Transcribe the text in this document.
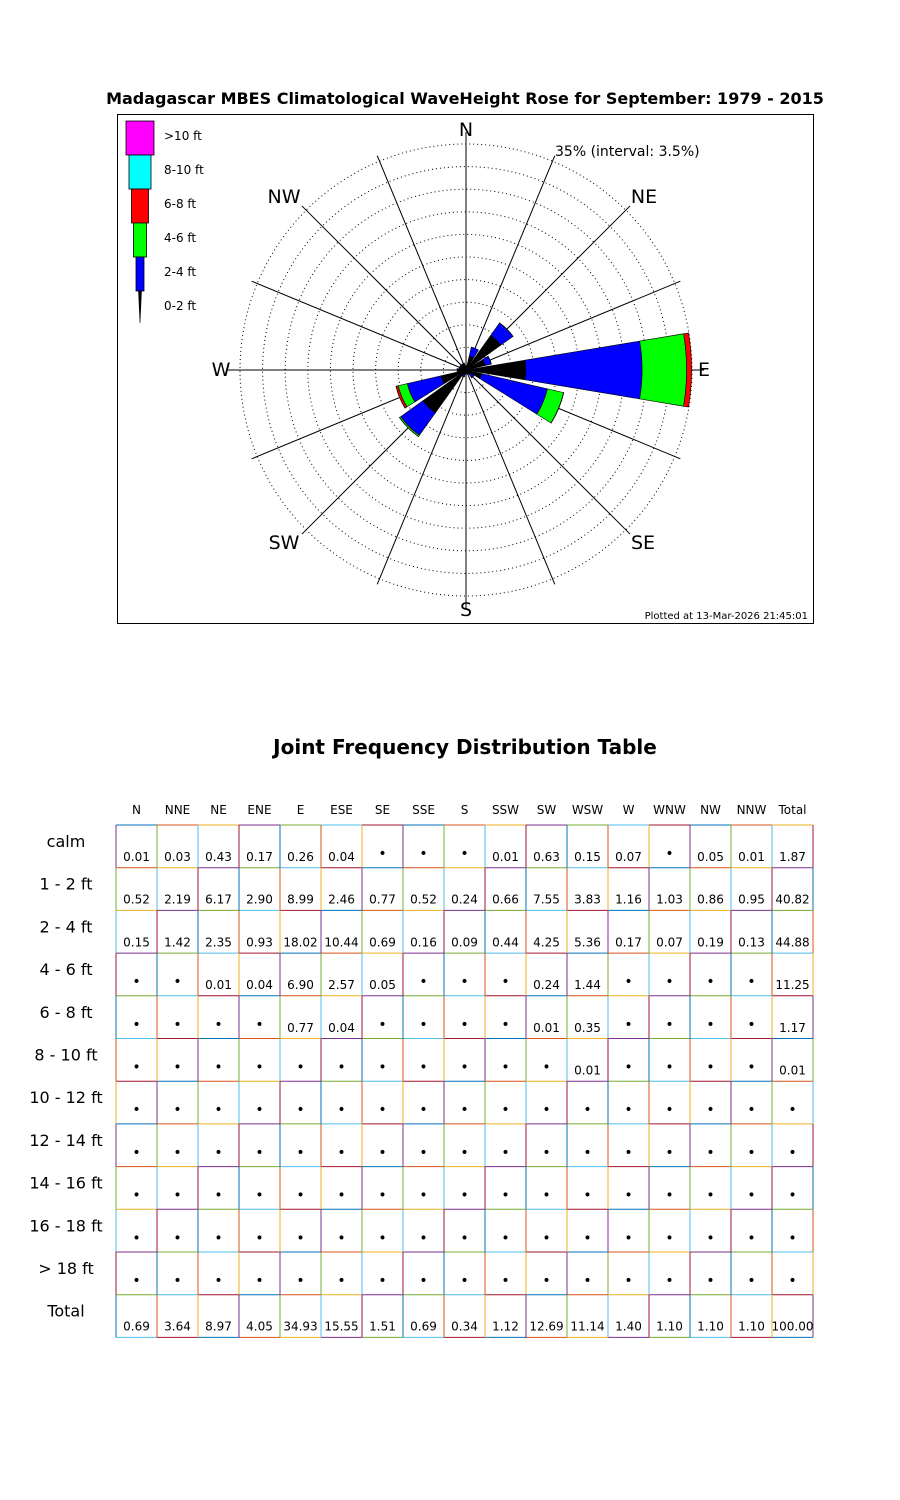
Madagascar MBES Climatological WaveHeight Rose for September: 1979 - 2015
N
NE
E
SE
S
SW
W
NW
35% (interval: 3.5%)
>10 ft
8-10 ft
6-8 ft
4-6 ft
2-4 ft
0-2 ft
Plotted at 13-Mar-2026 21:45:01
Joint Frequency Distribution Table
N NNE NE ENE E ESE SE SSE S SSW SW WSW W WNW NW NNW Total
calm
0.01 0.03 0.43 0.17 0.26 0.04 • • • 0.01 0.63 0.15 0.07 • 0.05 0.01 1.87
1 - 2 ft
0.52 2.19 6.17 2.90 8.99 2.46 0.77 0.52 0.24 0.66 7.55 3.83 1.16 1.03 0.86 0.95 40.82
2 - 4 ft
0.15 1.42 2.35 0.93 18.02 10.44 0.69 0.16 0.09 0.44 4.25 5.36 0.17 0.07 0.19 0.13 44.88
4 - 6 ft
• • 0.01 0.04 6.90 2.57 0.05 • • • 0.24 1.44 • • • • 11.25
6 - 8 ft
• • • • 0.77 0.04 • • • • 0.01 0.35 • • • • 1.17
8 - 10 ft
• • • • • • • • • • • 0.01 • • • • 0.01
10 - 12 ft
• • • • • • • • • • • • • • • • •
12 - 14 ft
• • • • • • • • • • • • • • • • •
14 - 16 ft
• • • • • • • • • • • • • • • • •
16 - 18 ft
• • • • • • • • • • • • • • • • •
> 18 ft
• • • • • • • • • • • • • • • • •
Total
0.69 3.64 8.97 4.05 34.93 15.55 1.51 0.69 0.34 1.12 12.69 11.14 1.40 1.10 1.10 1.10 100.00
